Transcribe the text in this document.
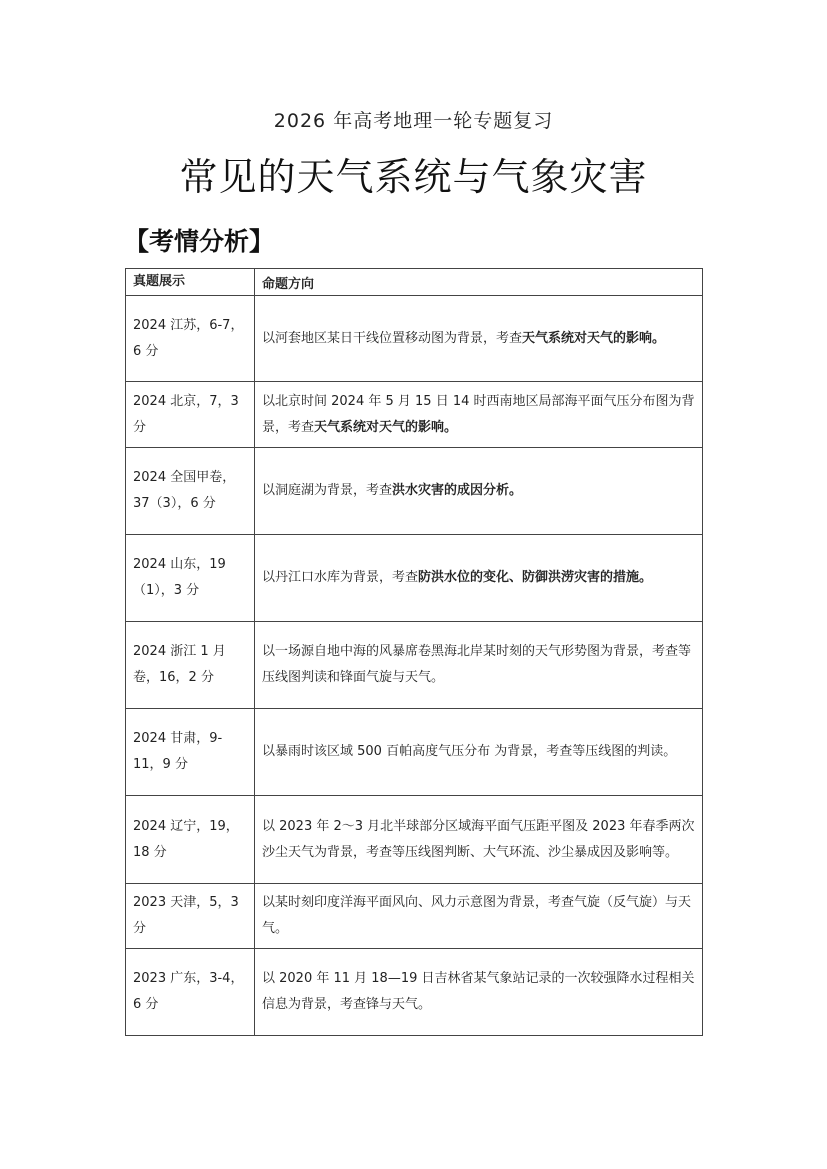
2026 年高考地理一轮专题复习
常见的天气系统与气象灾害
【考情分析】
真题展示	命题方向
2024 江苏，6-7，6 分	以河套地区某日干线位置移动图为背景，考查天气系统对天气的影响。
2024 北京，7，3 分	以北京时间 2024 年 5 月 15 日 14 时西南地区局部海平面气压分布图为背景，考查天气系统对天气的影响。
2024 全国甲卷，37（3），6 分	以洞庭湖为背景，考查洪水灾害的成因分析。
2024 山东，19（1），3 分	以丹江口水库为背景，考查防洪水位的变化、防御洪涝灾害的措施。
2024 浙江 1 月卷，16，2 分	以一场源自地中海的风暴席卷黑海北岸某时刻的天气形势图为背景，考查等压线图判读和锋面气旋与天气。
2024 甘肃，9-11，9 分	以暴雨时该区域 500 百帕高度气压分布 为背景，考查等压线图的判读。
2024 辽宁，19，18 分	以 2023 年 2～3 月北半球部分区域海平面气压距平图及 2023 年春季两次沙尘天气为背景，考查等压线图判断、大气环流、沙尘暴成因及影响等。
2023 天津，5，3 分	以某时刻印度洋海平面风向、风力示意图为背景，考查气旋（反气旋）与天气。
2023 广东，3-4，6 分	以 2020 年 11 月 18—19 日吉林省某气象站记录的一次较强降水过程相关信息为背景，考查锋与天气。
